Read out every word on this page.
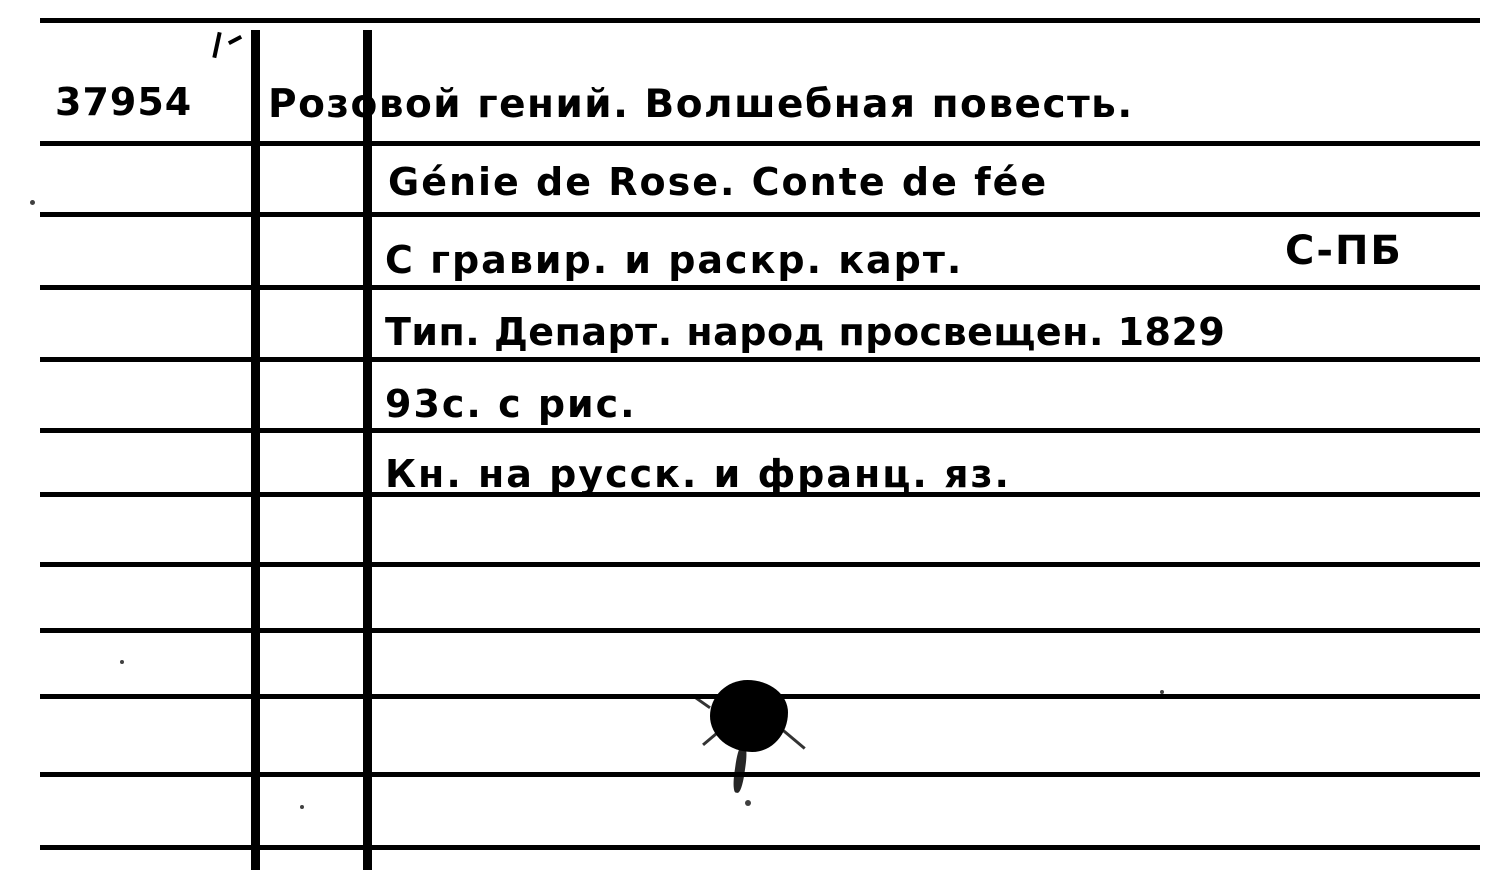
37954 Розовой гений. Волшебная повесть.
Génie de Rose. Conte de fée
С гравир. и раскр. карт.	С-ПБ
Тип. Департ. народ просвещен. 1829
93с. с рис.
Кн. на русск. и франц. яз.
